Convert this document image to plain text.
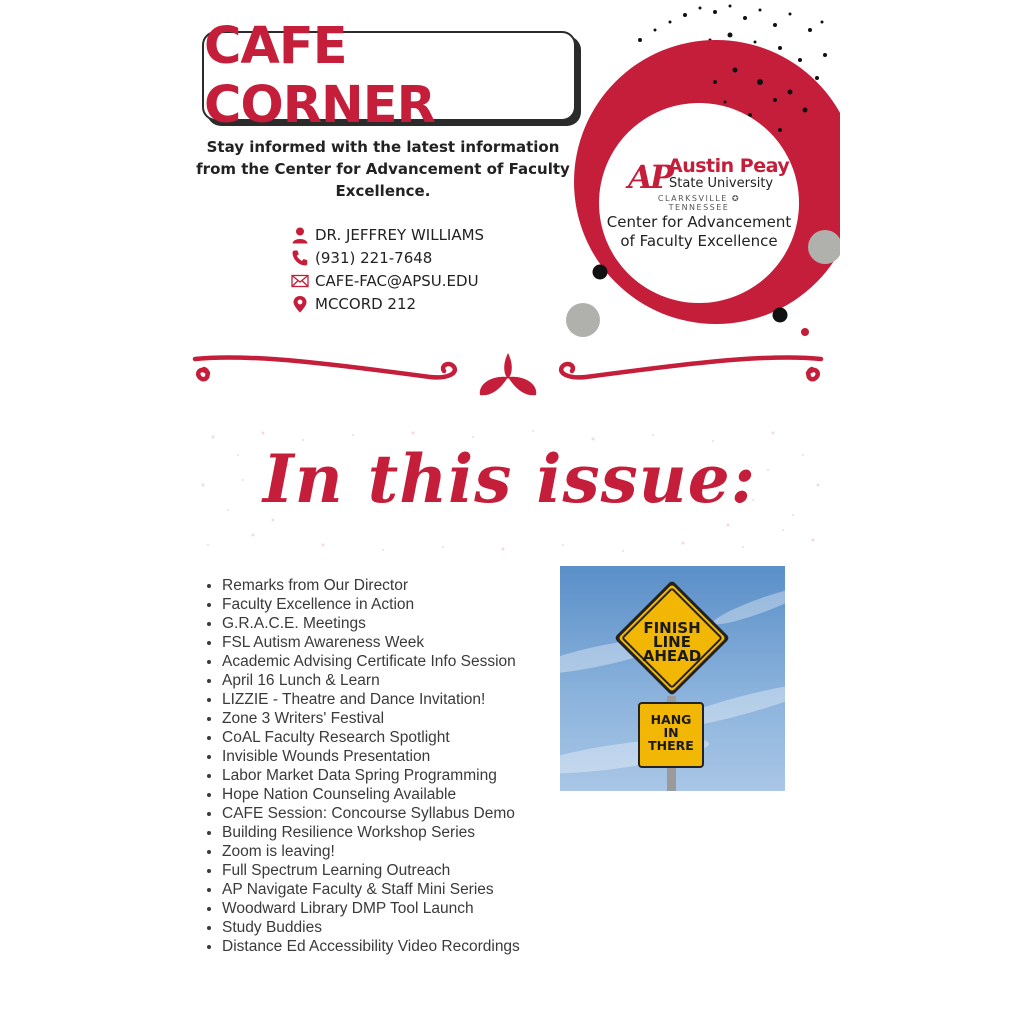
CAFE CORNER
Stay informed with the latest information from the Center for Advancement of Faculty Excellence.
DR. JEFFREY WILLIAMS
(931) 221-7648
CAFE-FAC@APSU.EDU
MCCORD 212
AP
Austin Peay
State University
CLARKSVILLE ✪ TENNESSEE
Center for Advancement
of Faculty Excellence
In this issue:
• Remarks from Our Director
• Faculty Excellence in Action
• G.R.A.C.E. Meetings
• FSL Autism Awareness Week
• Academic Advising Certificate Info Session
• April 16 Lunch & Learn
• LIZZIE - Theatre and Dance Invitation!
• Zone 3 Writers' Festival
• CoAL Faculty Research Spotlight
• Invisible Wounds Presentation
• Labor Market Data Spring Programming
• Hope Nation Counseling Available
• CAFE Session: Concourse Syllabus Demo
• Building Resilience Workshop Series
• Zoom is leaving!
• Full Spectrum Learning Outreach
• AP Navigate Faculty & Staff Mini Series
• Woodward Library DMP Tool Launch
• Study Buddies
• Distance Ed Accessibility Video Recordings
FINISH
LINE
AHEAD
HANG
IN
THERE
